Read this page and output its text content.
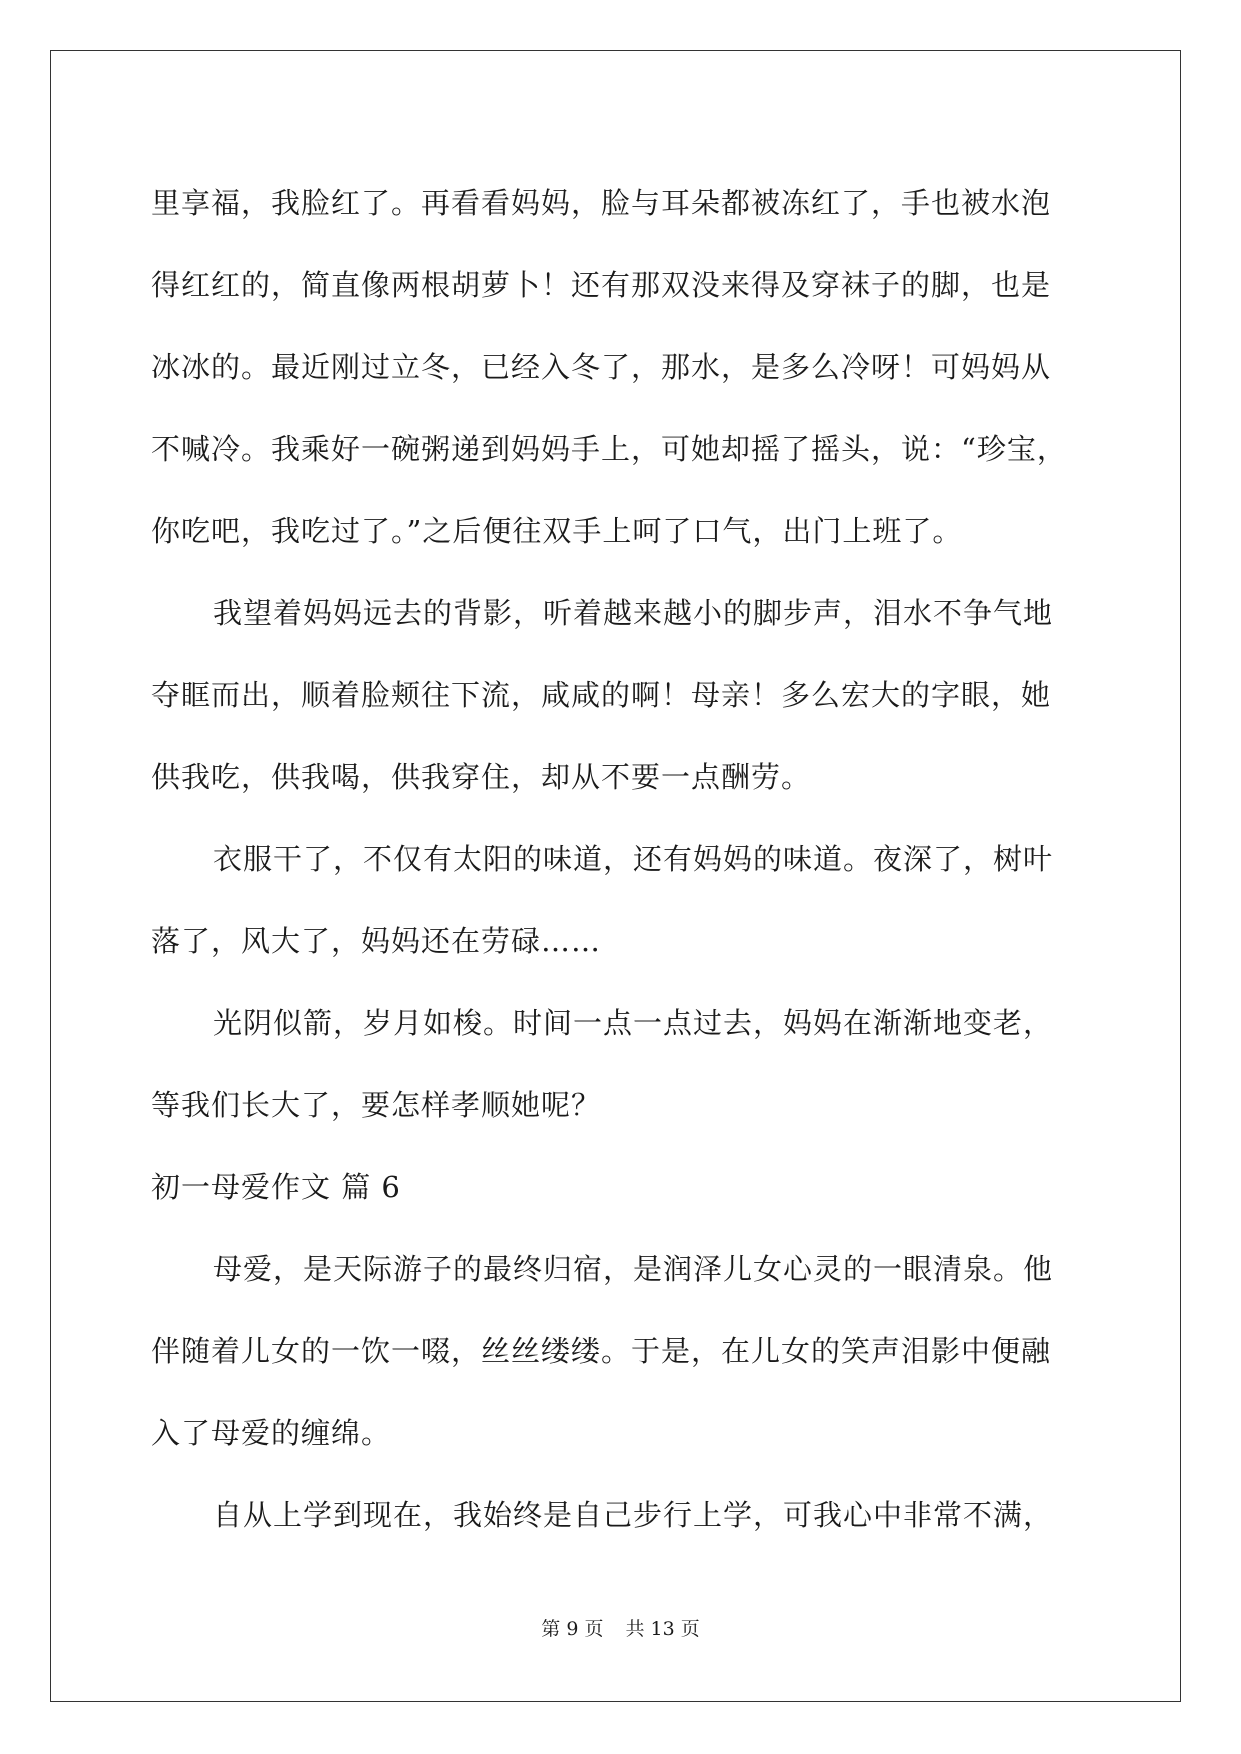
里享福，我脸红了。再看看妈妈，脸与耳朵都被冻红了，手也被水泡
得红红的，简直像两根胡萝卜！还有那双没来得及穿袜子的脚，也是
冰冰的。最近刚过立冬，已经入冬了，那水，是多么冷呀！可妈妈从
不喊冷。我乘好一碗粥递到妈妈手上，可她却摇了摇头，说：“珍宝，
你吃吧，我吃过了。”之后便往双手上呵了口气，出门上班了。
我望着妈妈远去的背影，听着越来越小的脚步声，泪水不争气地
夺眶而出，顺着脸颊往下流，咸咸的啊！母亲！多么宏大的字眼，她
供我吃，供我喝，供我穿住，却从不要一点酬劳。
衣服干了，不仅有太阳的味道，还有妈妈的味道。夜深了，树叶
落了，风大了，妈妈还在劳碌……
光阴似箭，岁月如梭。时间一点一点过去，妈妈在渐渐地变老，
等我们长大了，要怎样孝顺她呢？
初一母爱作文 篇 6
母爱，是天际游子的最终归宿，是润泽儿女心灵的一眼清泉。他
伴随着儿女的一饮一啜，丝丝缕缕。于是，在儿女的笑声泪影中便融
入了母爱的缠绵。
自从上学到现在，我始终是自己步行上学，可我心中非常不满，
第 9 页 共 13 页
